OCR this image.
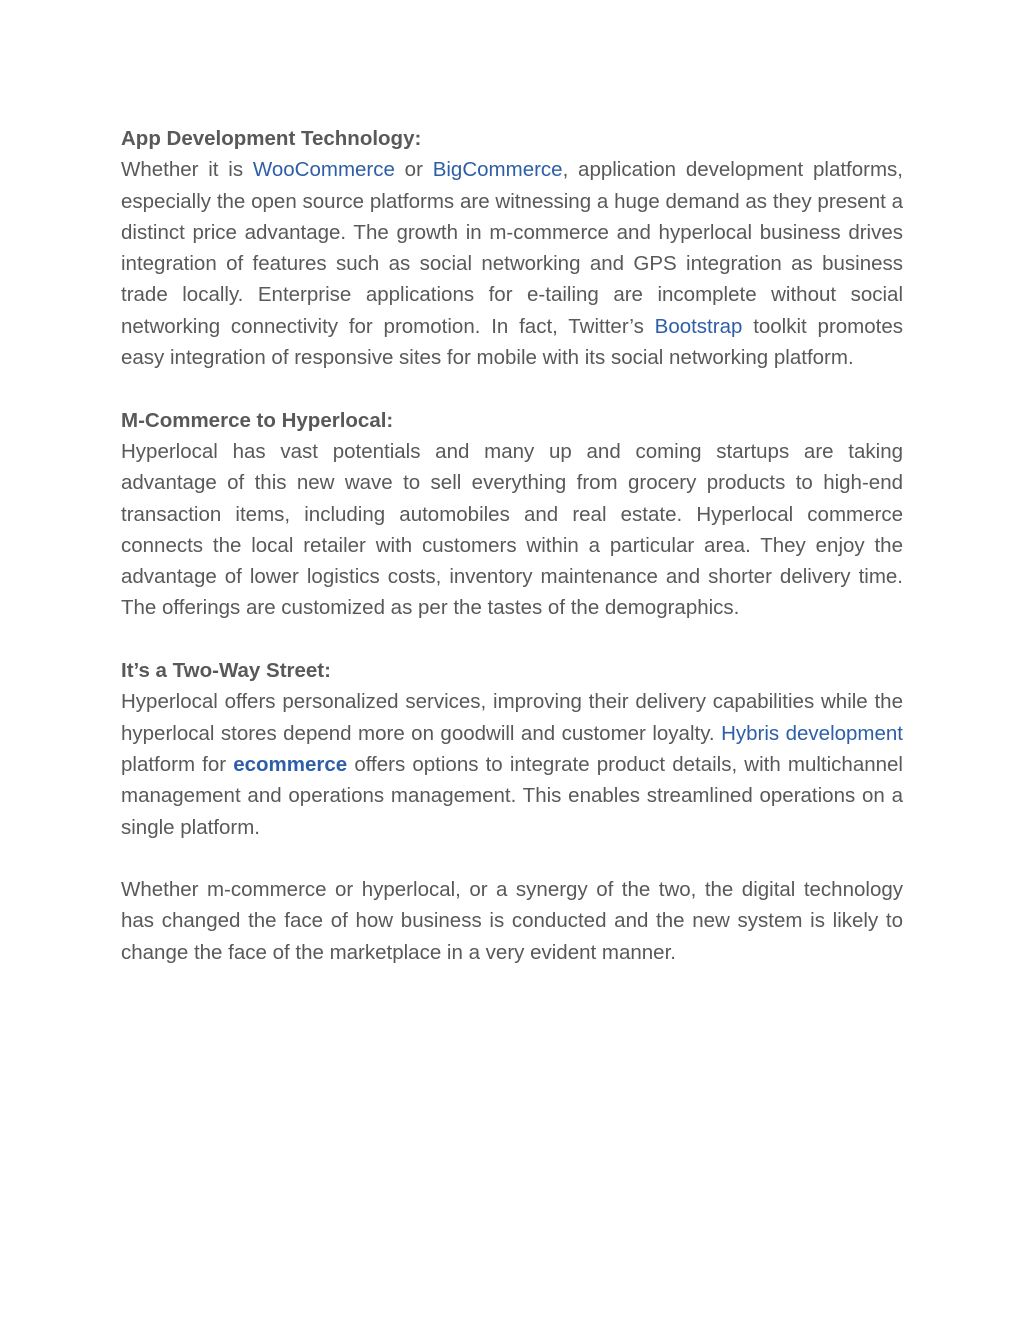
App Development Technology:

Whether it is WooCommerce or BigCommerce, application development platforms, especially the open source platforms are witnessing a huge demand as they present a distinct price advantage. The growth in m-commerce and hyperlocal business drives integration of features such as social networking and GPS integration as business trade locally. Enterprise applications for e-tailing are incomplete without social networking connectivity for promotion. In fact, Twitter’s Bootstrap toolkit promotes easy integration of responsive sites for mobile with its social networking platform.

M-Commerce to Hyperlocal:

Hyperlocal has vast potentials and many up and coming startups are taking advantage of this new wave to sell everything from grocery products to high-end transaction items, including automobiles and real estate. Hyperlocal commerce connects the local retailer with customers within a particular area. They enjoy the advantage of lower logistics costs, inventory maintenance and shorter delivery time. The offerings are customized as per the tastes of the demographics.

It’s a Two-Way Street:

Hyperlocal offers personalized services, improving their delivery capabilities while the hyperlocal stores depend more on goodwill and customer loyalty. Hybris development platform for ecommerce offers options to integrate product details, with multichannel management and operations management. This enables streamlined operations on a single platform.

Whether m-commerce or hyperlocal, or a synergy of the two, the digital technology has changed the face of how business is conducted and the new system is likely to change the face of the marketplace in a very evident manner.
